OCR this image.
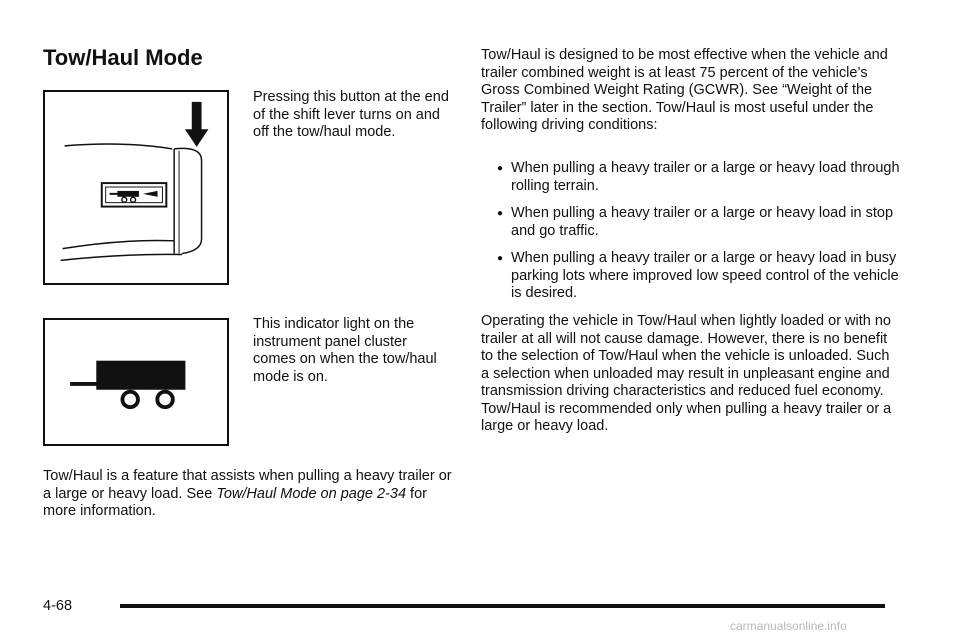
Tow/Haul Mode

Pressing this button at the end of the shift lever turns on and off the tow/haul mode.

This indicator light on the instrument panel cluster comes on when the tow/haul mode is on.

Tow/Haul is a feature that assists when pulling a heavy trailer or a large or heavy load. See Tow/Haul Mode on page 2-34 for more information.

Tow/Haul is designed to be most effective when the vehicle and trailer combined weight is at least 75 percent of the vehicle’s Gross Combined Weight Rating (GCWR). See “Weight of the Trailer” later in the section. Tow/Haul is most useful under the following driving conditions:

● When pulling a heavy trailer or a large or heavy load through rolling terrain.
● When pulling a heavy trailer or a large or heavy load in stop and go traffic.
● When pulling a heavy trailer or a large or heavy load in busy parking lots where improved low speed control of the vehicle is desired.

Operating the vehicle in Tow/Haul when lightly loaded or with no trailer at all will not cause damage. However, there is no benefit to the selection of Tow/Haul when the vehicle is unloaded. Such a selection when unloaded may result in unpleasant engine and transmission driving characteristics and reduced fuel economy. Tow/Haul is recommended only when pulling a heavy trailer or a large or heavy load.

4-68
carmanualsonline.info
